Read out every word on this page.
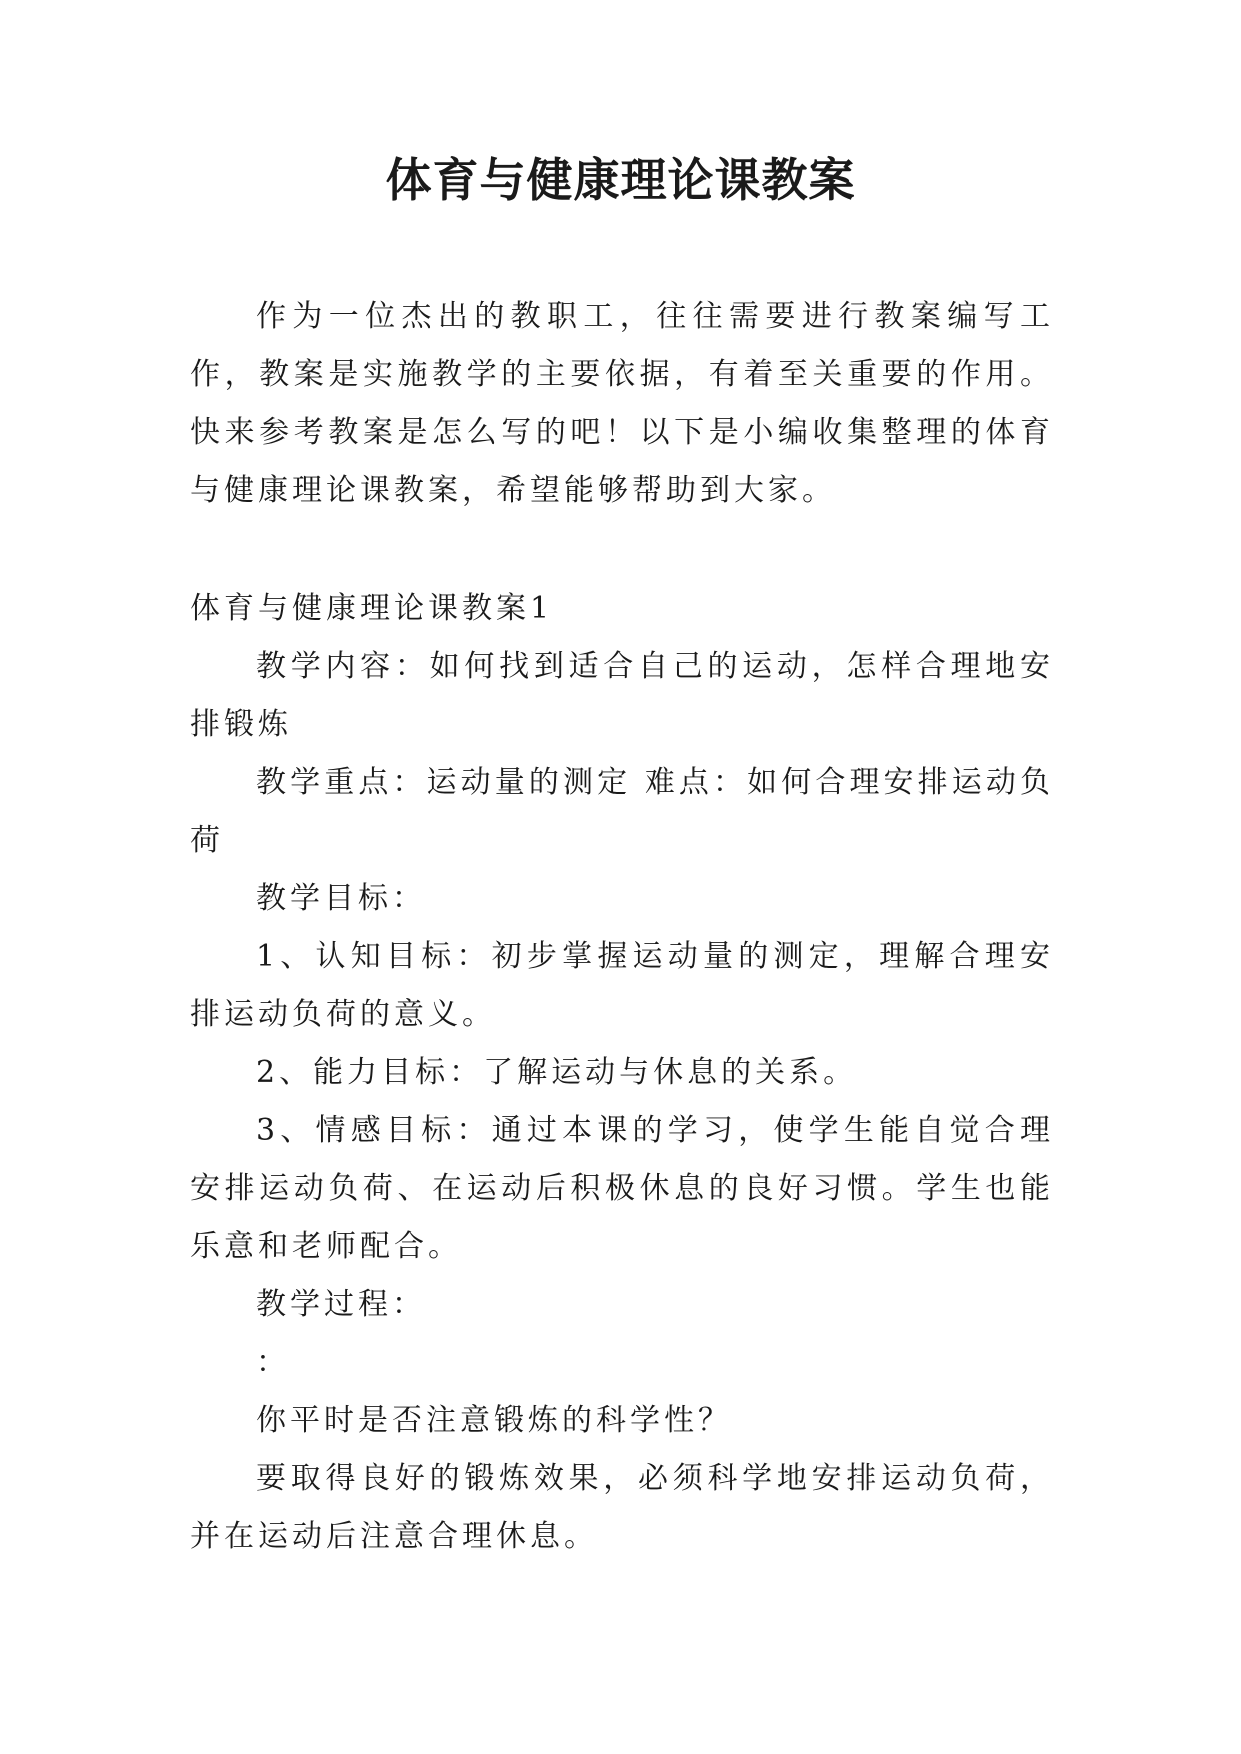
体育与健康理论课教案

作为一位杰出的教职工，往往需要进行教案编写工作，教案是实施教学的主要依据，有着至关重要的作用。快来参考教案是怎么写的吧！以下是小编收集整理的体育与健康理论课教案，希望能够帮助到大家。

体育与健康理论课教案1

教学内容：如何找到适合自己的运动，怎样合理地安排锻炼

教学重点：运动量的测定 难点：如何合理安排运动负荷

教学目标：

1、认知目标：初步掌握运动量的测定，理解合理安排运动负荷的意义。

2、能力目标：了解运动与休息的关系。

3、情感目标：通过本课的学习，使学生能自觉合理安排运动负荷、在运动后积极休息的良好习惯。学生也能乐意和老师配合。

教学过程：

：

你平时是否注意锻炼的科学性？

要取得良好的锻炼效果，必须科学地安排运动负荷，并在运动后注意合理休息。
